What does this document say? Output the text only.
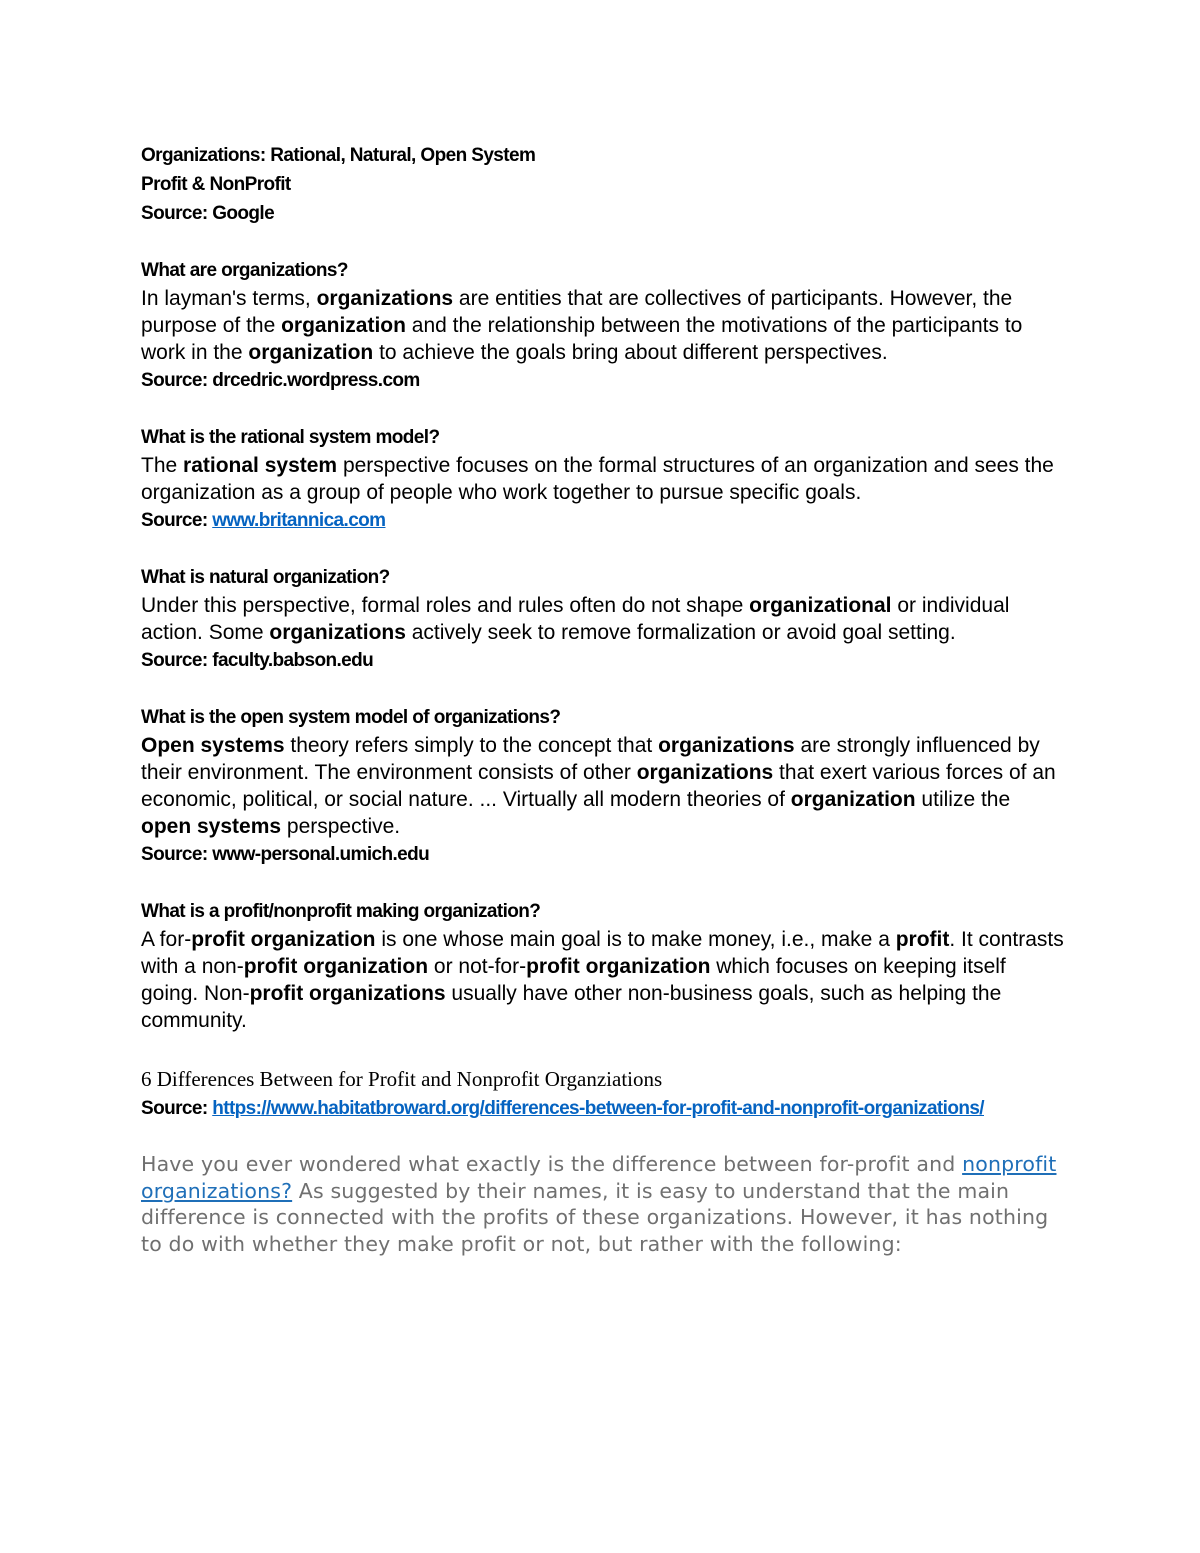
Organizations: Rational, Natural, Open System
Profit & NonProfit
Source: Google
What are organizations?
In layman's terms, organizations are entities that are collectives of participants. However, the purpose of the organization and the relationship between the motivations of the participants to work in the organization to achieve the goals bring about different perspectives.
Source: drcedric.wordpress.com
What is the rational system model?
The rational system perspective focuses on the formal structures of an organization and sees the organization as a group of people who work together to pursue specific goals.
Source: www.britannica.com
What is natural organization?
Under this perspective, formal roles and rules often do not shape organizational or individual action. Some organizations actively seek to remove formalization or avoid goal setting.
Source: faculty.babson.edu
What is the open system model of organizations?
Open systems theory refers simply to the concept that organizations are strongly influenced by their environment. The environment consists of other organizations that exert various forces of an economic, political, or social nature. ... Virtually all modern theories of organization utilize the open systems perspective.
Source: www-personal.umich.edu
What is a profit/nonprofit making organization?
A for-profit organization is one whose main goal is to make money, i.e., make a profit. It contrasts with a non-profit organization or not-for-profit organization which focuses on keeping itself going. Non-profit organizations usually have other non-business goals, such as helping the community.
6 Differences Between for Profit and Nonprofit Organziations
Source: https://www.habitatbroward.org/differences-between-for-profit-and-nonprofit-organizations/
Have you ever wondered what exactly is the difference between for-profit and nonprofit organizations? As suggested by their names, it is easy to understand that the main difference is connected with the profits of these organizations. However, it has nothing to do with whether they make profit or not, but rather with the following:
